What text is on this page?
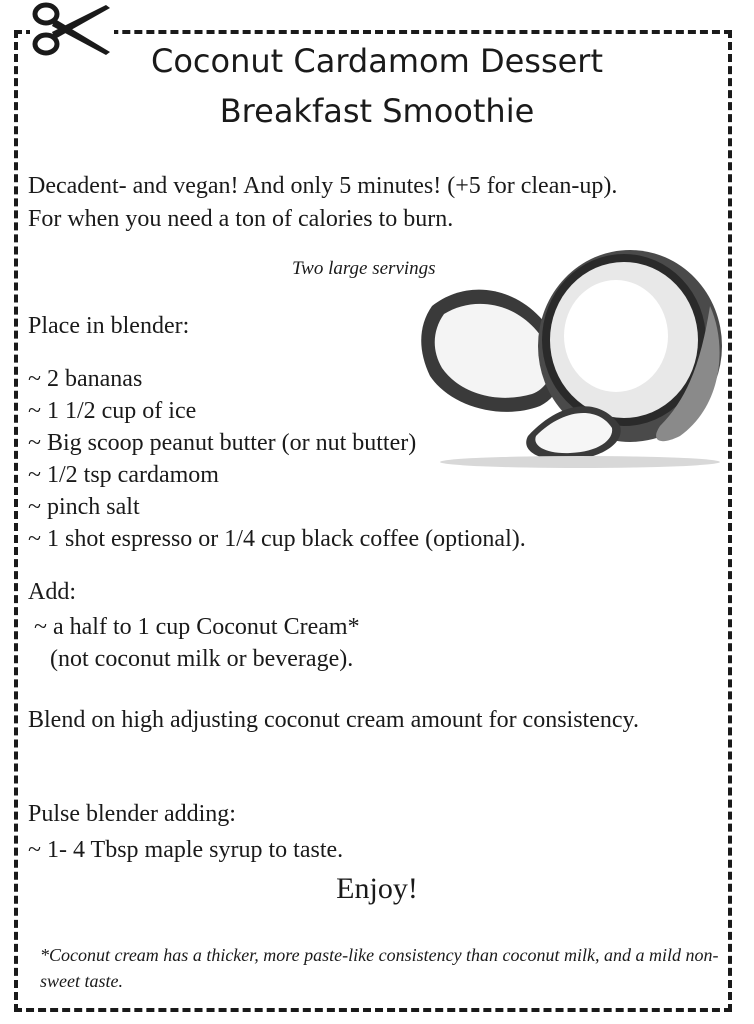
Coconut Cardamom Dessert
Breakfast Smoothie
Decadent- and vegan! And only 5 minutes! (+5 for clean-up).
For when you need a ton of calories to burn.
Two large servings
Place in blender:
~ 2 bananas
~ 1 1/2 cup of ice
~ Big scoop peanut butter (or nut butter)
~ 1/2 tsp cardamom
~ pinch salt
~ 1 shot espresso or 1/4 cup black coffee (optional).
Add:
~ a half to 1 cup Coconut Cream*
(not coconut milk or beverage).
Blend on high adjusting coconut cream amount for consistency.
Pulse blender adding:
~ 1- 4 Tbsp maple syrup to taste.
Enjoy!
*Coconut cream has a thicker, more paste-like consistency than coconut milk, and a mild non-sweet taste.
